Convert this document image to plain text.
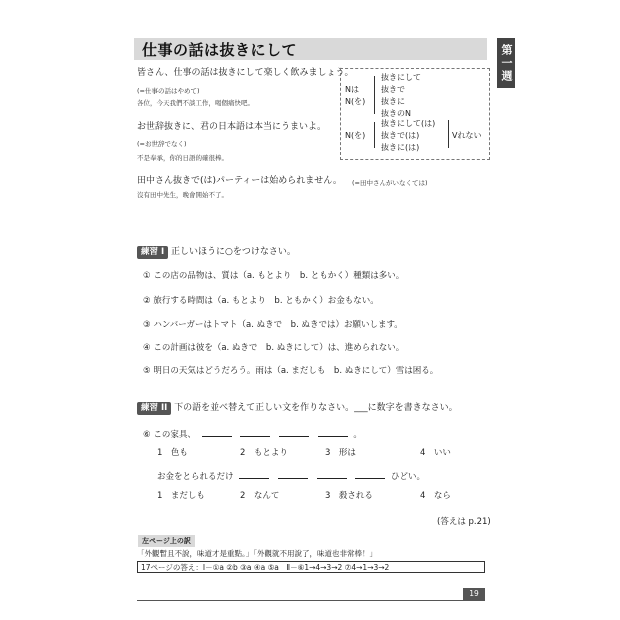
仕事の話は抜きにして	第一週
皆さん、仕事の話は抜きにして楽しく飲みましょう。
(=仕事の話はやめて)
各位，今天我們不談工作，喝個痛快吧。
お世辞抜きに、君の日本語は本当にうまいよ。
(=お世辞でなく)
不是奉承，你的日語的確很棒。
田中さん抜きで(は)パーティーは始められません。 (=田中さんがいなくては)
沒有田中先生，晚會開始不了。
Nは
N(を)
抜きにして
抜きで
抜きに
抜きのN
N(を)
抜きにして(は)
抜きで(は)
抜きに(は)
Vれない
練習 I 正しいほうに○をつけなさい。
① この店の品物は、質は（a. もとより　b. ともかく）種類は多い。
② 旅行する時間は（a. もとより　b. ともかく）お金もない。
③ ハンバーガーはトマト（a. ぬきで　b. ぬきでは）お願いします。
④ この計画は彼を（a. ぬきで　b. ぬきにして）は、進められない。
⑤ 明日の天気はどうだろう。雨は（a. まだしも　b. ぬきにして）雪は困る。
練習 II 下の語を並べ替えて正しい文を作りなさい。___に数字を書きなさい。
⑥ この家具、	。
1　色も	2　もとより	3　形は	4　いい
お金をとられるだけ	ひどい。
1　まだしも	2　なんて	3　殺される	4　なら
(答えは p.21)
左ページ上の訳
「外觀暫且不說，味道才是重點。」「外觀就不用說了，味道也非常棒！」
17ページの答え：Ⅰ－①a ②b ③a ④a ⑤a　Ⅱ－⑥1→4→3→2 ⑦4→1→3→2
19
